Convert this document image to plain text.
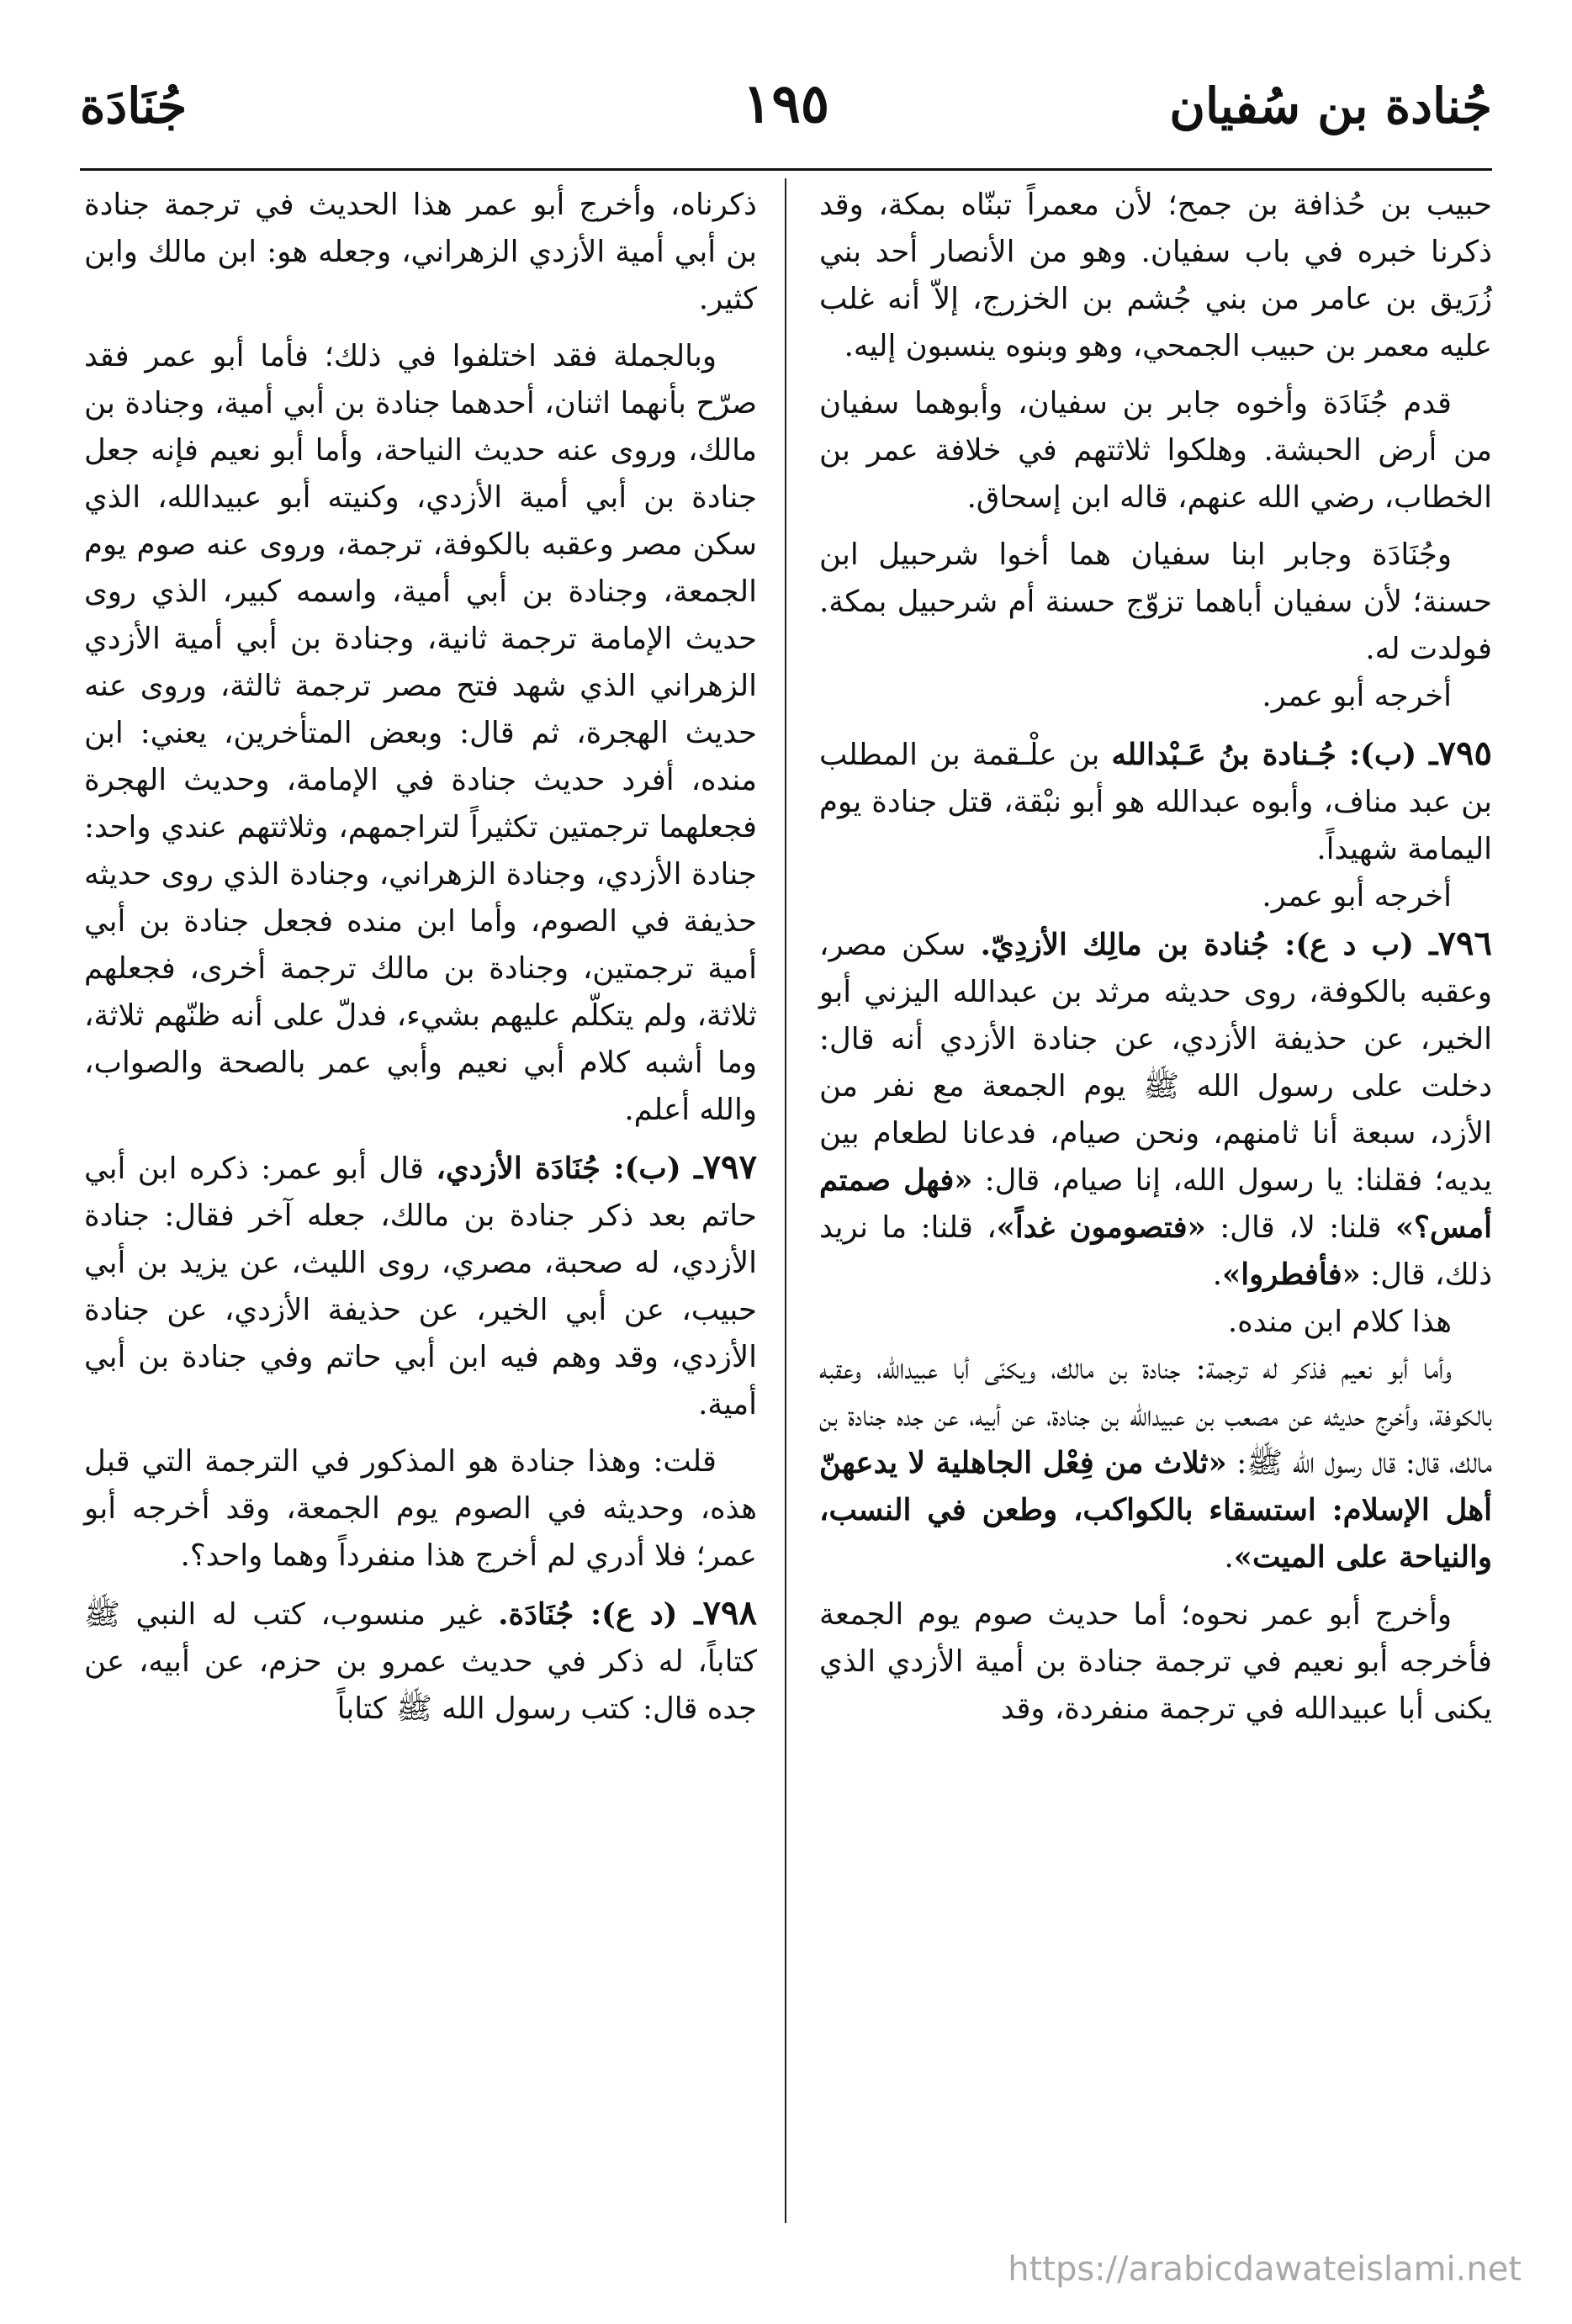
جُنادة بن سُفيان
١٩٥
جُنَادَة

حبيب بن حُذافة بن جمح؛ لأن معمراً تبنّاه بمكة، وقد ذكرنا خبره في باب سفيان. وهو من الأنصار أحد بني زُرَيق بن عامر من بني جُشم بن الخزرج، إلاّ أنه غلب عليه معمر بن حبيب الجمحي، وهو وبنوه ينسبون إليه.

قدم جُنَادَة وأخوه جابر بن سفيان، وأبوهما سفيان من أرض الحبشة. وهلكوا ثلاثتهم في خلافة عمر بن الخطاب، رضي الله عنهم، قاله ابن إسحاق.

وجُنَادَة وجابر ابنا سفيان هما أخوا شرحبيل ابن حسنة؛ لأن سفيان أباهما تزوّج حسنة أم شرحبيل بمكة. فولدت له.

أخرجه أبو عمر.

٧٩٥ـ (ب): جُـنادة بنُ عَـبْدالله بن علْـقمة بن المطلب بن عبد مناف، وأبوه عبدالله هو أبو نبْقة، قتل جنادة يوم اليمامة شهيداً.

أخرجه أبو عمر.

٧٩٦ـ (ب د ع): جُنادة بن مالِك الأزدِيّ. سكن مصر، وعقبه بالكوفة، روى حديثه مرثد بن عبدالله اليزني أبو الخير، عن حذيفة الأزدي، عن جنادة الأزدي أنه قال: دخلت على رسول الله ﷺ يوم الجمعة مع نفر من الأزد، سبعة أنا ثامنهم، ونحن صيام، فدعانا لطعام بين يديه؛ فقلنا: يا رسول الله، إنا صيام، قال: «فهل صمتم أمس؟» قلنا: لا، قال: «فتصومون غداً»، قلنا: ما نريد ذلك، قال: «فأفطروا».

هذا كلام ابن منده.

وأما أبو نعيم فذكر له ترجمة: جنادة بن مالك، ويكنّى أبا عبيدالله، وعقبه بالكوفة، وأخرج حديثه عن مصعب بن عبيدالله بن جنادة، عن أبيه، عن جده جنادة بن مالك، قال: قال رسول الله ﷺ: «ثلاث من فِعْل الجاهلية لا يدعهنّ أهل الإسلام: استسقاء بالكواكب، وطعن في النسب، والنياحة على الميت».

وأخرج أبو عمر نحوه؛ أما حديث صوم يوم الجمعة فأخرجه أبو نعيم في ترجمة جنادة بن أمية الأزدي الذي يكنى أبا عبيدالله في ترجمة منفردة، وقد

ذكرناه، وأخرج أبو عمر هذا الحديث في ترجمة جنادة بن أبي أمية الأزدي الزهراني، وجعله هو: ابن مالك وابن كثير.

وبالجملة فقد اختلفوا في ذلك؛ فأما أبو عمر فقد صرّح بأنهما اثنان، أحدهما جنادة بن أبي أمية، وجنادة بن مالك، وروى عنه حديث النياحة، وأما أبو نعيم فإنه جعل جنادة بن أبي أمية الأزدي، وكنيته أبو عبيدالله، الذي سكن مصر وعقبه بالكوفة، ترجمة، وروى عنه صوم يوم الجمعة، وجنادة بن أبي أمية، واسمه كبير، الذي روى حديث الإمامة ترجمة ثانية، وجنادة بن أبي أمية الأزدي الزهراني الذي شهد فتح مصر ترجمة ثالثة، وروى عنه حديث الهجرة، ثم قال: وبعض المتأخرين، يعني: ابن منده، أفرد حديث جنادة في الإمامة، وحديث الهجرة فجعلهما ترجمتين تكثيراً لتراجمهم، وثلاثتهم عندي واحد: جنادة الأزدي، وجنادة الزهراني، وجنادة الذي روى حديثه حذيفة في الصوم، وأما ابن منده فجعل جنادة بن أبي أمية ترجمتين، وجنادة بن مالك ترجمة أخرى، فجعلهم ثلاثة، ولم يتكلّم عليهم بشيء، فدلّ على أنه ظنّهم ثلاثة، وما أشبه كلام أبي نعيم وأبي عمر بالصحة والصواب، والله أعلم.

٧٩٧ـ (ب): جُنَادَة الأزدي، قال أبو عمر: ذكره ابن أبي حاتم بعد ذكر جنادة بن مالك، جعله آخر فقال: جنادة الأزدي، له صحبة، مصري، روى الليث، عن يزيد بن أبي حبيب، عن أبي الخير، عن حذيفة الأزدي، عن جنادة الأزدي، وقد وهم فيه ابن أبي حاتم وفي جنادة بن أبي أمية.

قلت: وهذا جنادة هو المذكور في الترجمة التي قبل هذه، وحديثه في الصوم يوم الجمعة، وقد أخرجه أبو عمر؛ فلا أدري لم أخرج هذا منفرداً وهما واحد؟.

٧٩٨ـ (د ع): جُنَادَة. غير منسوب، كتب له النبي ﷺ كتاباً، له ذكر في حديث عمرو بن حزم، عن أبيه، عن جده قال: كتب رسول الله ﷺ كتاباً

https://arabicdawateislami.net
